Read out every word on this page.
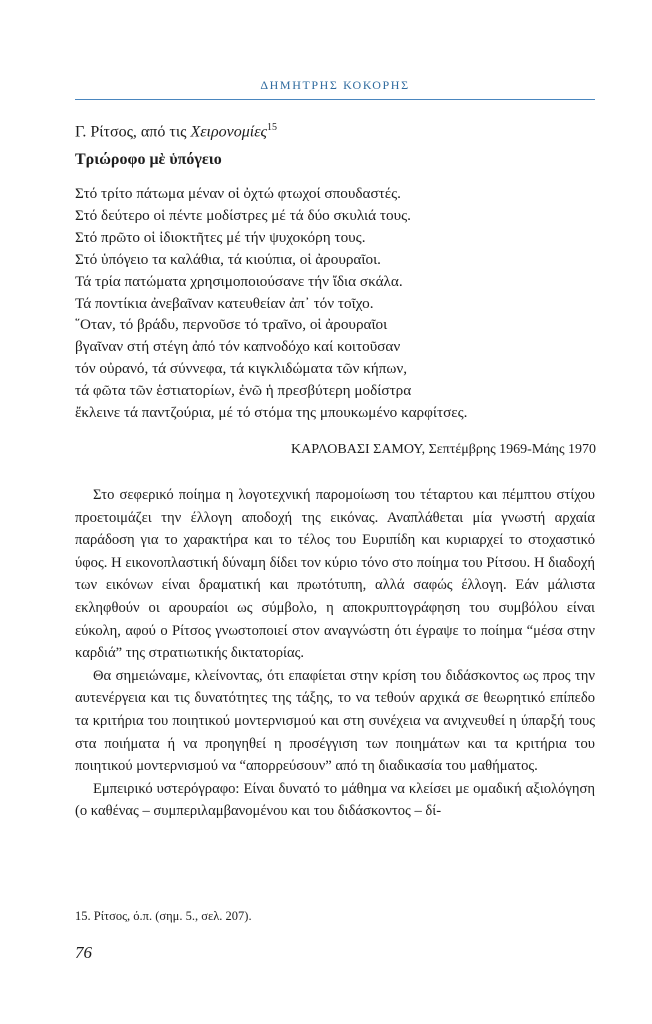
ΔΗΜΗΤΡΗΣ ΚΟΚΟΡΗΣ
Γ. Ρίτσος, από τις Χειρονομίες$^{15}$
Τριώροφο μὲ ὑπόγειο
Στό τρίτο πάτωμα μέναν οἱ ὀχτώ φτωχοί σπουδαστές.
Στό δεύτερο οἱ πέντε μοδίστρες μέ τά δύο σκυλιά τους.
Στό πρῶτο οἱ ἰδιοκτῆτες μέ τήν ψυχοκόρη τους.
Στό ὑπόγειο τα καλάθια, τά κιούπια, οἱ ἀρουραῖοι.
Τά τρία πατώματα χρησιμοποιούσανε τήν ἴδια σκάλα.
Τά ποντίκια ἀνεβαῖναν κατευθείαν ἀπ᾽ τόν τοῖχο.
῞Οταν, τό βράδυ, περνοῦσε τό τραῖνο, οἱ ἀρουραῖοι
βγαῖναν στή στέγη ἀπό τόν καπνοδόχο καί κοιτοῦσαν
τόν οὐρανό, τά σύννεφα, τά κιγκλιδώματα τῶν κήπων,
τά φῶτα τῶν ἑστιατορίων, ἐνῶ ἡ πρεσβύτερη μοδίστρα
ἔκλεινε τά παντζούρια, μέ τό στόμα της μπουκωμένο καρφίτσες.
ΚΑΡΛΟΒΑΣΙ ΣΑΜΟΥ, Σεπτέμβρης 1969-Μάης 1970

Στο σεφερικό ποίημα η λογοτεχνική παρομοίωση του τέταρτου και πέμπτου στίχου προετοιμάζει την έλλογη αποδοχή της εικόνας. Αναπλάθεται μία γνωστή αρχαία παράδοση για το χαρακτήρα και το τέλος του Ευριπίδη και κυριαρχεί το στοχαστικό ύφος. Η εικονοπλαστική δύναμη δίδει τον κύριο τόνο στο ποίημα του Ρίτσου. Η διαδοχή των εικόνων είναι δραματική και πρωτότυπη, αλλά σαφώς έλλογη. Εάν μάλιστα εκληφθούν οι αρουραίοι ως σύμβολο, η αποκρυπτογράφηση του συμβόλου είναι εύκολη, αφού ο Ρίτσος γνωστοποιεί στον αναγνώστη ότι έγραψε το ποίημα “μέσα στην καρδιά” της στρατιωτικής δικτατορίας.

Θα σημειώναμε, κλείνοντας, ότι επαφίεται στην κρίση του διδάσκοντος ως προς την αυτενέργεια και τις δυνατότητες της τάξης, το να τεθούν αρχικά σε θεωρητικό επίπεδο τα κριτήρια του ποιητικού μοντερνισμού και στη συνέχεια να ανιχνευθεί η ύπαρξή τους στα ποιήματα ή να προηγηθεί η προσέγγιση των ποιημάτων και τα κριτήρια του ποιητικού μοντερνισμού να “απορρεύσουν” από τη διαδικασία του μαθήματος.

Εμπειρικό υστερόγραφο: Είναι δυνατό το μάθημα να κλείσει με ομαδική αξιολόγηση (ο καθένας – συμπεριλαμβανομένου και του διδάσκοντος – δί-

15. Ρίτσος, ό.π. (σημ. 5., σελ. 207).
76
